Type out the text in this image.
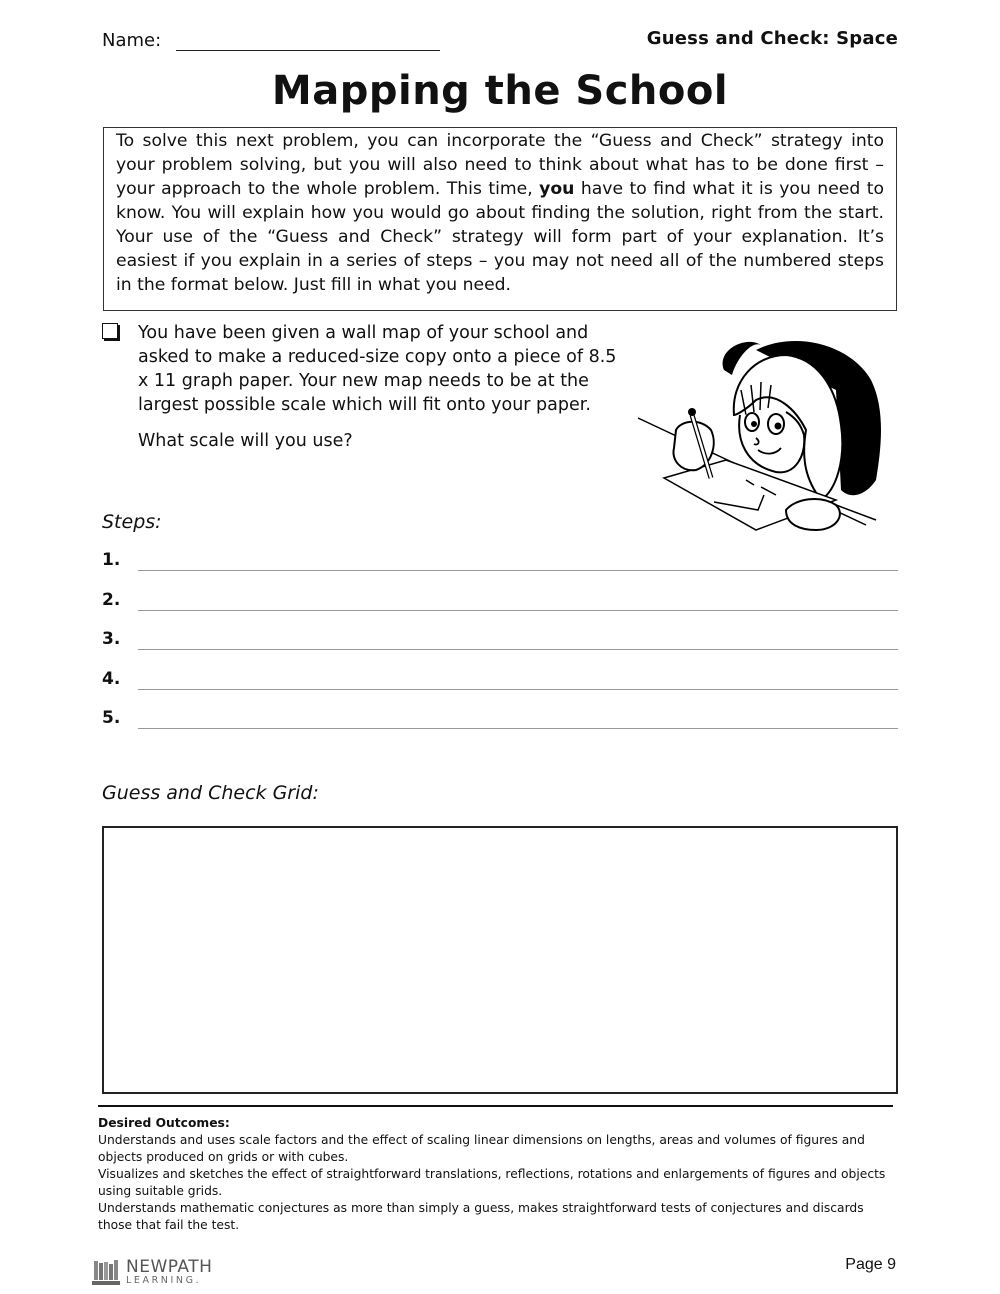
Name:	Guess and Check: Space
Mapping the School
To solve this next problem, you can incorporate the “Guess and Check” strategy into your problem solving, but you will also need to think about what has to be done first – your approach to the whole problem. This time, you have to find what it is you need to know. You will explain how you would go about finding the solution, right from the start. Your use of the “Guess and Check” strategy will form part of your explanation. It’s easiest if you explain in a series of steps – you may not need all of the numbered steps in the format below. Just fill in what you need.
You have been given a wall map of your school and asked to make a reduced-size copy onto a piece of 8.5 x 11 graph paper. Your new map needs to be at the largest possible scale which will fit onto your paper.
What scale will you use?
Steps:
1.
2.
3.
4.
5.
Guess and Check Grid:
Desired Outcomes:
Understands and uses scale factors and the effect of scaling linear dimensions on lengths, areas and volumes of figures and objects produced on grids or with cubes.
Visualizes and sketches the effect of straightforward translations, reflections, rotations and enlargements of figures and objects using suitable grids.
Understands mathematic conjectures as more than simply a guess, makes straightforward tests of conjectures and discards those that fail the test.
NEWPATH
LEARNING.
Page 9
